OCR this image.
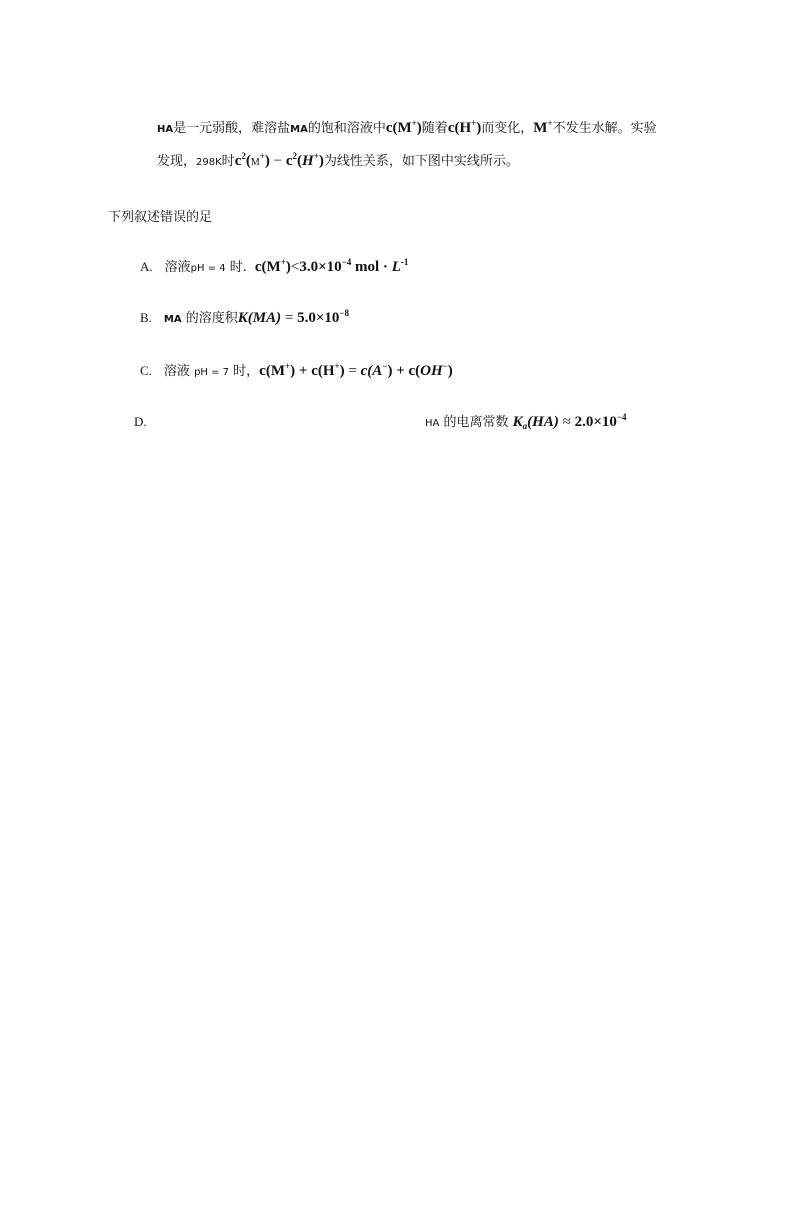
HA是一元弱酸，难溶盐MA的饱和溶液中c(M+)随着c(H+)而变化，M+不发生水解。实验
发现，298K时$c^2(M^+) - c^2(H^+)$为线性关系，如下图中实线所示。
下列叙述错误的足
A. 溶液pH = 4 时. $c(M^+)<3.0\times 10^{-4}$ mol · $L^{-1}$
B. MA 的溶度积$K(MA) = 5.0\times 10^{-8}$
C. 溶液 pH = 7 时，c(M+) + c(H+) = c(A−) + c(OH−)
D.	HA 的电离常数 $K_a(HA) \approx 2.0\times 10^{-4}$
